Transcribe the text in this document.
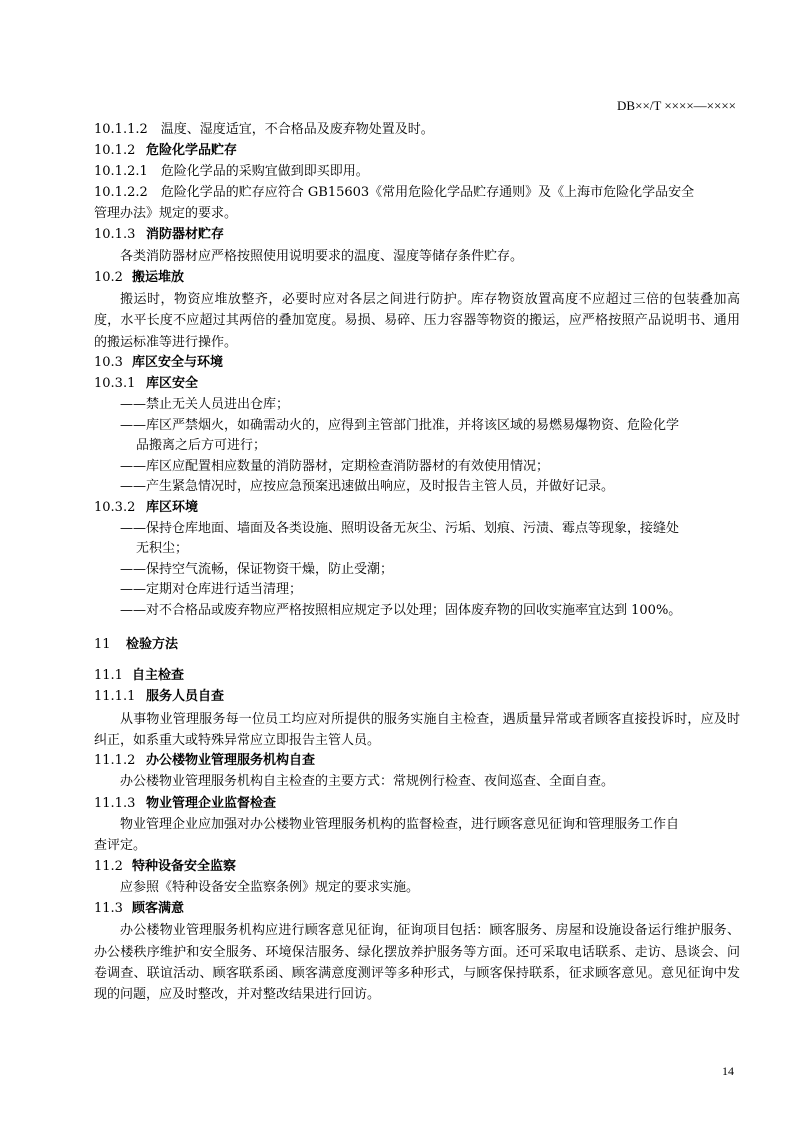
DB××/T ××××—××××
10.1.1.2　温度、湿度适宜，不合格品及废弃物处置及时。
10.1.2 危险化学品贮存
10.1.2.1　危险化学品的采购宜做到即买即用。
10.1.2.2　危险化学品的贮存应符合 GB15603《常用危险化学品贮存通则》及《上海市危险化学品安全
管理办法》规定的要求。
10.1.3 消防器材贮存
各类消防器材应严格按照使用说明要求的温度、湿度等储存条件贮存。
10.2 搬运堆放

搬运时，物资应堆放整齐，必要时应对各层之间进行防护。库存物资放置高度不应超过三倍的包装叠加高度，水平长度不应超过其两倍的叠加宽度。易损、易碎、压力容器等物资的搬运，应严格按照产品说明书、通用的搬运标准等进行操作。

10.3 库区安全与环境
10.3.1 库区安全
——禁止无关人员进出仓库；
——库区严禁烟火，如确需动火的，应得到主管部门批准，并将该区域的易燃易爆物资、危险化学
品搬离之后方可进行；
——库区应配置相应数量的消防器材，定期检查消防器材的有效使用情况；
——产生紧急情况时，应按应急预案迅速做出响应，及时报告主管人员，并做好记录。
10.3.2 库区环境
——保持仓库地面、墙面及各类设施、照明设备无灰尘、污垢、划痕、污渍、霉点等现象，接缝处
无积尘；
——保持空气流畅，保证物资干燥，防止受潮；
——定期对仓库进行适当清理；
——对不合格品或废弃物应严格按照相应规定予以处理；固体废弃物的回收实施率宜达到 100%。
11 检验方法
11.1 自主检查
11.1.1 服务人员自查

从事物业管理服务每一位员工均应对所提供的服务实施自主检查，遇质量异常或者顾客直接投诉时，应及时纠正，如系重大或特殊异常应立即报告主管人员。

11.1.2 办公楼物业管理服务机构自查
办公楼物业管理服务机构自主检查的主要方式：常规例行检查、夜间巡查、全面自查。
11.1.3 物业管理企业监督检查
物业管理企业应加强对办公楼物业管理服务机构的监督检查，进行顾客意见征询和管理服务工作自
查评定。
11.2 特种设备安全监察
应参照《特种设备安全监察条例》规定的要求实施。
11.3 顾客满意

办公楼物业管理服务机构应进行顾客意见征询，征询项目包括：顾客服务、房屋和设施设备运行维护服务、办公楼秩序维护和安全服务、环境保洁服务、绿化摆放养护服务等方面。还可采取电话联系、走访、恳谈会、问卷调查、联谊活动、顾客联系函、顾客满意度测评等多种形式，与顾客保持联系，征求顾客意见。意见征询中发现的问题，应及时整改，并对整改结果进行回访。

14
